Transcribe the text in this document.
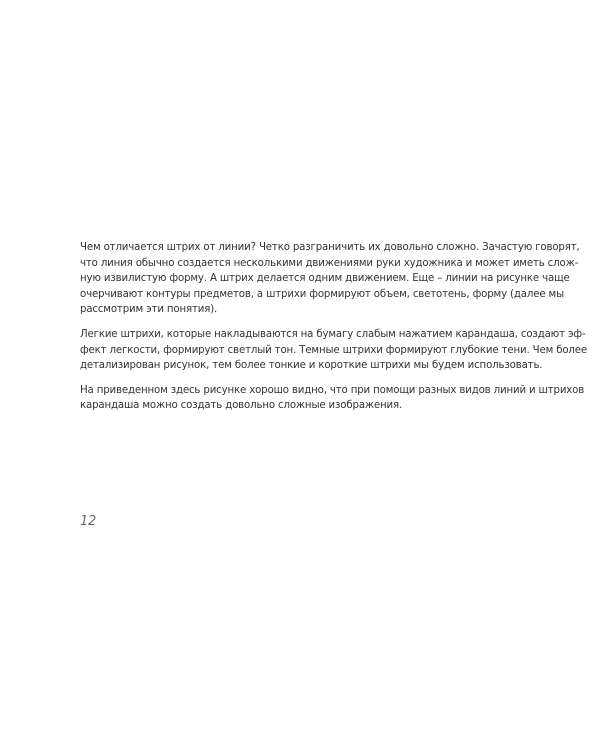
Чем отличается штрих от линии? Четко разграничить их довольно сложно. Зачастую говорят,
что линия обычно создается несколькими движениями руки художника и может иметь слож-
ную извилистую форму. А штрих делается одним движением. Еще – линии на рисунке чаще
очерчивают контуры предметов, а штрихи формируют объем, светотень, форму (далее мы
рассмотрим эти понятия).
Легкие штрихи, которые накладываются на бумагу слабым нажатием карандаша, создают эф-
фект легкости, формируют светлый тон. Темные штрихи формируют глубокие тени. Чем более
детализирован рисунок, тем более тонкие и короткие штрихи мы будем использовать.
На приведенном здесь рисунке хорошо видно, что при помощи разных видов линий и штрихов
карандаша можно создать довольно сложные изображения.
12
